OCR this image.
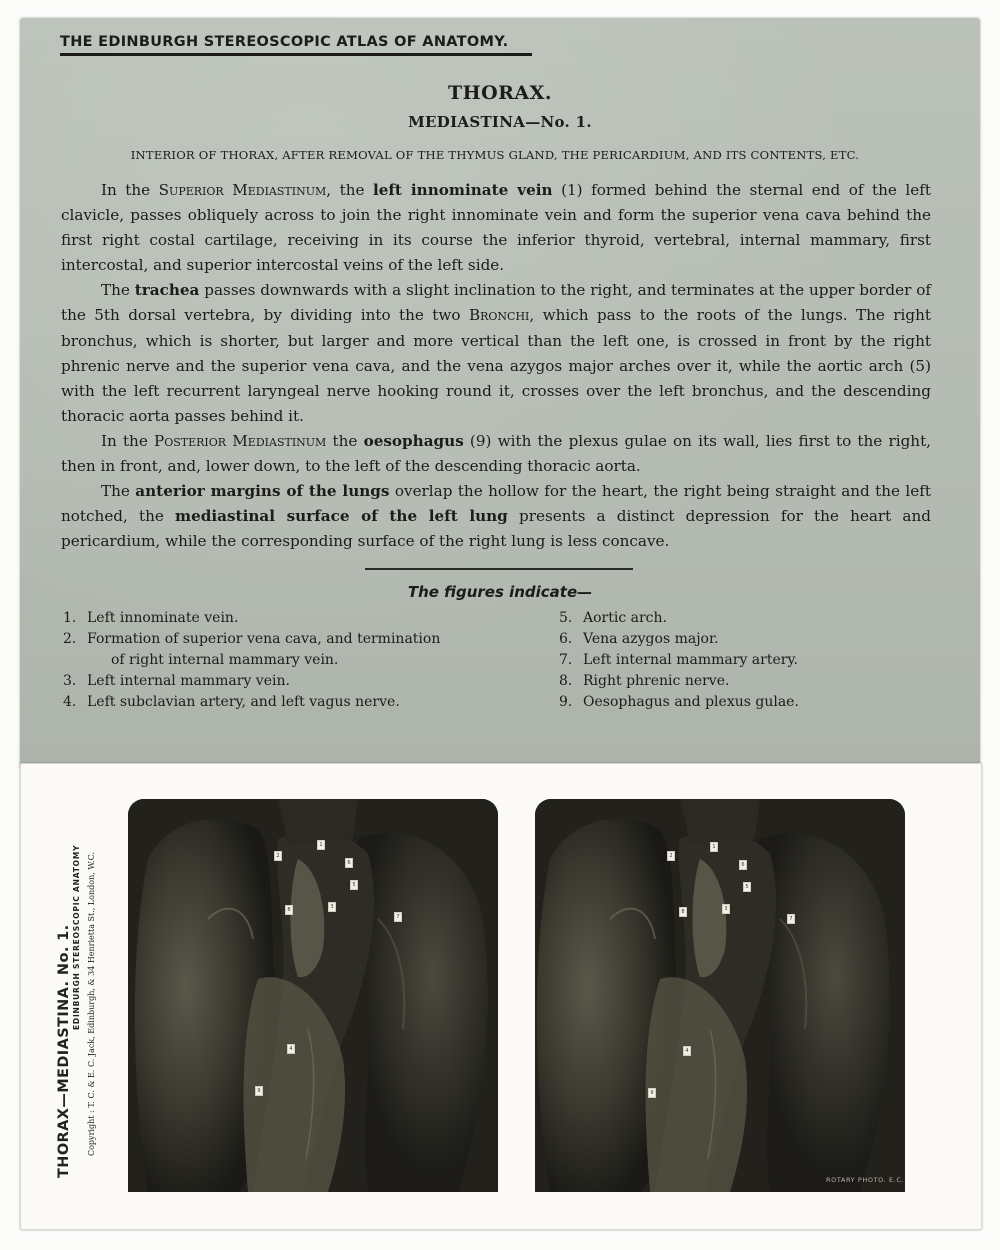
THE EDINBURGH STEREOSCOPIC ATLAS OF ANATOMY.
THORAX.
MEDIASTINA—No. 1.
INTERIOR OF THORAX, AFTER REMOVAL OF THE THYMUS GLAND, THE PERICARDIUM, AND ITS CONTENTS, ETC.

In the Superior Mediastinum, the left innominate vein (1) formed behind the sternal end of the left clavicle, passes obliquely across to join the right innominate vein and form the superior vena cava behind the first right costal cartilage, receiving in its course the inferior thyroid, vertebral, internal mammary, first intercostal, and superior intercostal veins of the left side.

The trachea passes downwards with a slight inclination to the right, and terminates at the upper border of the 5th dorsal vertebra, by dividing into the two Bronchi, which pass to the roots of the lungs. The right bronchus, which is shorter, but larger and more vertical than the left one, is crossed in front by the right phrenic nerve and the superior vena cava, and the vena azygos major arches over it, while the aortic arch (5) with the left recurrent laryngeal nerve hooking round it, crosses over the left bronchus, and the descending thoracic aorta passes behind it.

In the Posterior Mediastinum the oesophagus (9) with the plexus gulae on its wall, lies first to the right, then in front, and, lower down, to the left of the descending thoracic aorta.

The anterior margins of the lungs overlap the hollow for the heart, the right being straight and the left notched, the mediastinal surface of the left lung presents a distinct depression for the heart and pericardium, while the corresponding surface of the right lung is less concave.

The figures indicate—
1. Left innominate vein.
2. Formation of superior vena cava, and termination
of right internal mammary vein.
3. Left internal mammary vein.
4. Left subclavian artery, and left vagus nerve.
5. Aortic arch.
6. Vena azygos major.
7. Left internal mammary artery.
8. Right phrenic nerve.
9. Oesophagus and plexus gulae.
THORAX—MEDIASTINA. No. 1. EDINBURGH STEREOSCOPIC ANATOMY Copyright : T. C. & E. C. Jack, Edinburgh, & 34 Henrietta St., London, W.C.	2
1
6
5
8	3
7
4
9
2
1
6
5
8	3
7
4
9
ROTARY PHOTO. E.C.
